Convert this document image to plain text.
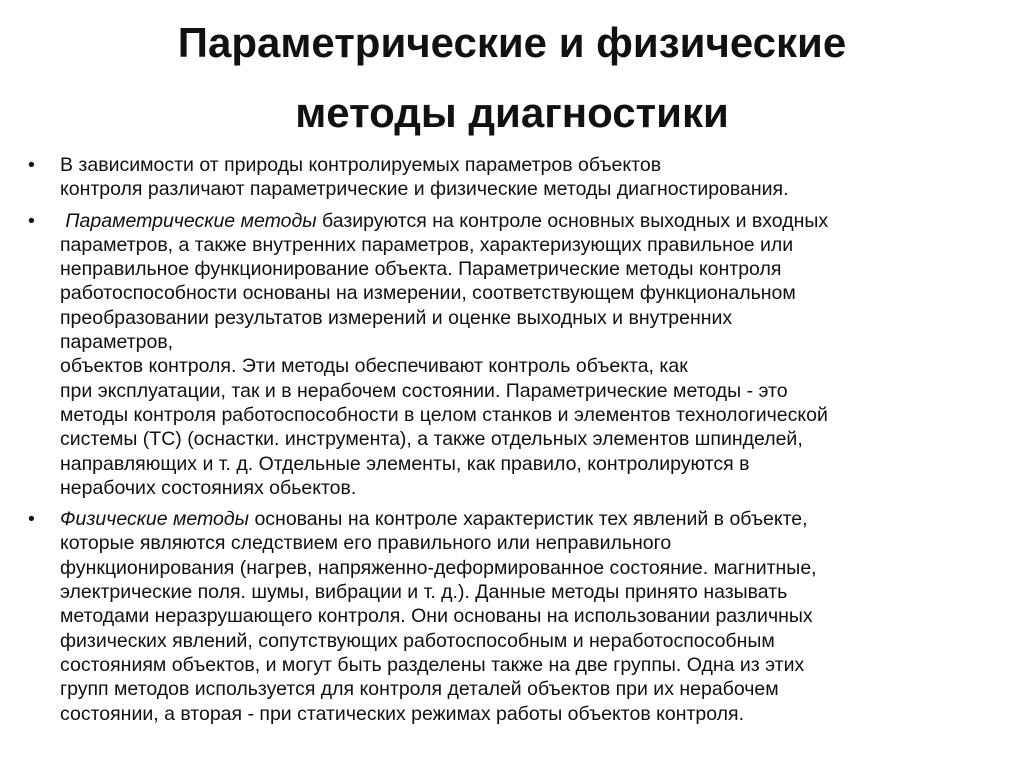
Параметрические и физические
методы диагностики
• В зависимости от природы контролируемых параметров объектов
контроля различают параметрические и физические методы диагностирования.
• Параметрические методы базируются на контроле основных выходных и входных
параметров, а также внутренних параметров, характеризующих правильное или
неправильное функционирование объекта. Параметрические методы контроля
работоспособности основаны на измерении, соответствующем функциональном
преобразовании результатов измерений и оценке выходных и внутренних
параметров,
объектов контроля. Эти методы обеспечивают контроль объекта, как
при эксплуатации, так и в нерабочем состоянии. Параметрические методы - это
методы контроля работоспособности в целом станков и элементов технологической
системы (ТС) (оснастки. инструмента), а также отдельных элементов шпинделей,
направляющих и т. д. Отдельные элементы, как правило, контролируются в
нерабочих состояниях обьектов.
• Физические методы основаны на контроле характеристик тех явлений в объекте,
которые являются следствием его правильного или неправильного
функционирования (нагрев, напряженно-деформированное состояние. магнитные,
электрические поля. шумы, вибрации и т. д.). Данные методы принято называть
методами неразрушающего контроля. Они основаны на использовании различных
физических явлений, сопутствующих работоспособным и неработоспособным
состояниям объектов, и могут быть разделены также на две группы. Одна из этих
групп методов используется для контроля деталей объектов при их нерабочем
состоянии, а вторая - при статических режимах работы объектов контроля.
